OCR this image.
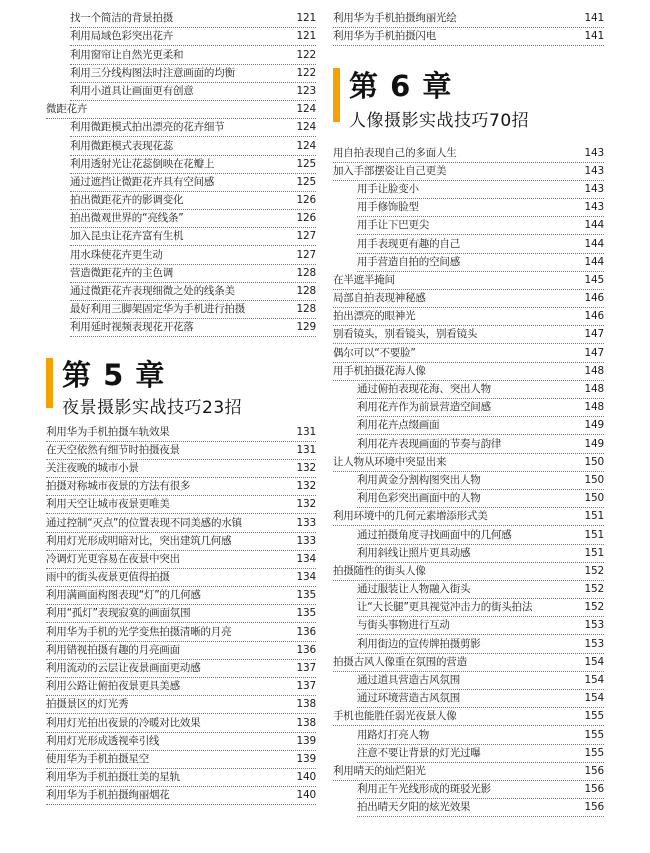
找一个简洁的背景拍摄	121
利用局域色彩突出花卉	121
利用窗帘让自然光更柔和	122
利用三分线构图法时注意画面的均衡	122
利用小道具让画面更有创意	123
微距花卉	124
利用微距模式拍出漂亮的花卉细节	124
利用微距模式表现花蕊	124
利用透射光让花蕊倒映在花瓣上	125
通过遮挡让微距花卉具有空间感	125
拍出微距花卉的影调变化	126
拍出微观世界的“亮线条”	126
加入昆虫让花卉富有生机	127
用水珠使花卉更生动	127
营造微距花卉的主色调	128
通过微距花卉表现细微之处的线条美	128
最好利用三脚架固定华为手机进行拍摄	128
利用延时视频表现花开花落	129
第 5 章
夜景摄影实战技巧23招
利用华为手机拍摄车轨效果	131
在天空依然有细节时拍摄夜景	131
关注夜晚的城市小景	132
拍摄对称城市夜景的方法有很多	132
利用天空让城市夜景更唯美	132
通过控制“灭点”的位置表现不同美感的水镇	133
利用灯光形成明暗对比，突出建筑几何感	133
冷调灯光更容易在夜景中突出	134
雨中的街头夜景更值得拍摄	134
利用满画面构图表现“灯”的几何感	135
利用“孤灯”表现寂寞的画面氛围	135
利用华为手机的光学变焦拍摄清晰的月亮	136
利用错视拍摄有趣的月亮画面	136
利用流动的云层让夜景画面更动感	137
利用公路让俯拍夜景更具美感	137
拍摄景区的灯光秀	138
利用灯光拍出夜景的冷暖对比效果	138
利用灯光形成透视牵引线	139
使用华为手机拍摄星空	139
利用华为手机拍摄壮美的星轨	140
利用华为手机拍摄绚丽烟花	140
利用华为手机拍摄绚丽光绘	141
利用华为手机拍摄闪电	141
第 6 章
人像摄影实战技巧70招
用自拍表现自己的多面人生	143
加入手部摆姿让自己更美	143
用手让脸变小	143
用手修饰脸型	143
用手让下巴更尖	144
用手表现更有趣的自己	144
用手营造自拍的空间感	144
在半遮半掩间	145
局部自拍表现神秘感	146
拍出漂亮的眼神光	146
别看镜头，别看镜头，别看镜头	147
偶尔可以“不要脸”	147
用手机拍摄花海人像	148
通过俯拍表现花海、突出人物	148
利用花卉作为前景营造空间感	148
利用花卉点缀画面	149
利用花卉表现画面的节奏与韵律	149
让人物从环境中突显出来	150
利用黄金分割构图突出人物	150
利用色彩突出画面中的人物	150
利用环境中的几何元素增添形式美	151
通过拍摄角度寻找画面中的几何感	151
利用斜线让照片更具动感	151
拍摄随性的街头人像	152
通过服装让人物融入街头	152
让“大长腿”更具视觉冲击力的街头拍法	152
与街头事物进行互动	153
利用街边的宣传牌拍摄剪影	153
拍摄古风人像重在氛围的营造	154
通过道具营造古风氛围	154
通过环境营造古风氛围	154
手机也能胜任弱光夜景人像	155
用路灯打亮人物	155
注意不要让背景的灯光过曝	155
利用晴天的灿烂阳光	156
利用正午光线形成的斑驳光影	156
拍出晴天夕阳的炫光效果	156
